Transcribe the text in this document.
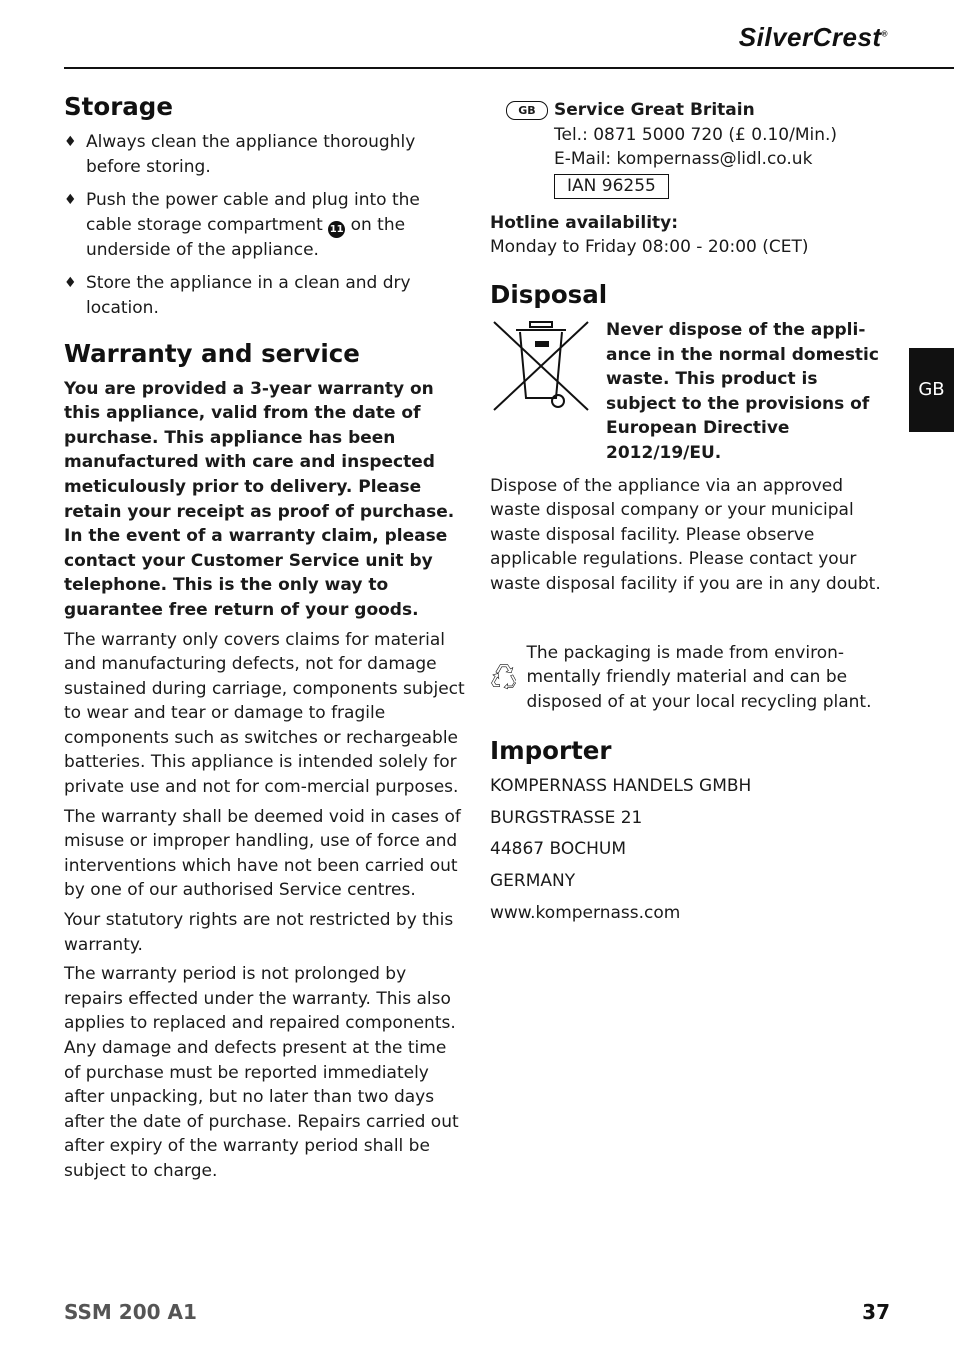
SilverCrest®
GB
Storage
♦ Always clean the appliance thoroughly before storing.
♦ Push the power cable and plug into the cable storage compartment 11 on the underside of the appliance.
♦ Store the appliance in a clean and dry location.
Warranty and service

You are provided a 3-year warranty on this appliance, valid from the date of purchase. This appliance has been manufactured with care and inspected meticulously prior to delivery. Please retain your receipt as proof of purchase. In the event of a warranty claim, please contact your Customer Service unit by telephone. This is the only way to guarantee free return of your goods.

The warranty only covers claims for material and manufacturing defects, not for damage sustained during carriage, components subject to wear and tear or damage to fragile components such as switches or rechargeable batteries. This appliance is intended solely for private use and not for com-mercial purposes.

The warranty shall be deemed void in cases of misuse or improper handling, use of force and interventions which have not been carried out by one of our authorised Service centres.

Your statutory rights are not restricted by this warranty.

The warranty period is not prolonged by repairs effected under the warranty. This also applies to replaced and repaired components. Any damage and defects present at the time of purchase must be reported immediately after unpacking, but no later than two days after the date of purchase. Repairs carried out after expiry of the warranty period shall be subject to charge.

GB	Service Great Britain
Tel.: 0871 5000 720 (£ 0.10/Min.)
E-Mail: kompernass@lidl.co.uk
IAN 96255
Hotline availability:

Monday to Friday 08:00 - 20:00 (CET)

Disposal
Never dispose of the appli-ance in the normal domestic waste. This product is subject to the provisions of European Directive 2012/19/EU.

Dispose of the appliance via an approved waste disposal company or your municipal waste disposal facility. Please observe applicable regulations. Please contact your waste disposal facility if you are in any doubt.

The packaging is made from environ-mentally friendly material and can be disposed of at your local recycling plant.
Importer

KOMPERNASS HANDELS GMBH

BURGSTRASSE 21

44867 BOCHUM

GERMANY

www.kompernass.com

SSM 200 A1	37
